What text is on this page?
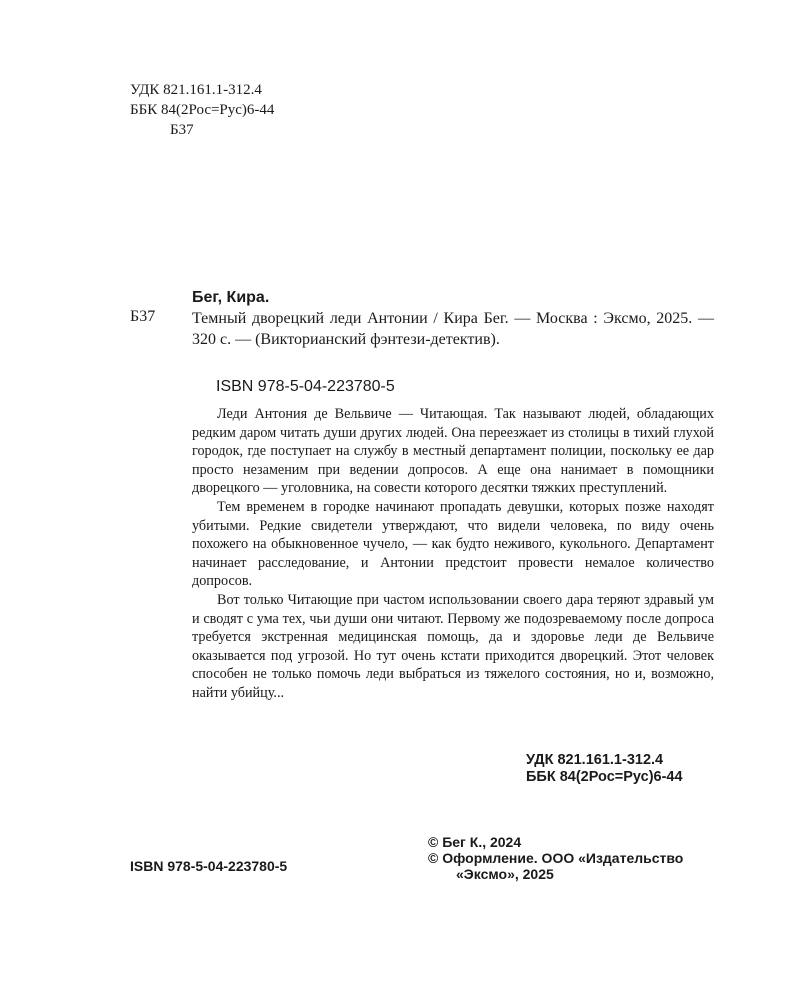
УДК 821.161.1-312.4
ББК 84(2Рос=Рус)6-44
Б37
Бег, Кира.
Б37 Темный дворецкий леди Антонии / Кира Бег. — Москва : Эксмо, 2025. — 320 с. — (Викторианский фэнтези-детектив).
ISBN 978-5-04-223780-5

Леди Антония де Вельвиче — Читающая. Так называют людей, обладающих редким даром читать души других людей. Она переезжает из столицы в тихий глухой городок, где поступает на службу в местный департамент полиции, поскольку ее дар просто незаменим при ведении допросов. А еще она нанимает в помощники дворецкого — уголовника, на совести которого десятки тяжких преступлений.

Тем временем в городке начинают пропадать девушки, которых позже находят убитыми. Редкие свидетели утверждают, что видели человека, по виду очень похожего на обыкновенное чучело, — как будто неживого, кукольного. Департамент начинает расследование, и Антонии предстоит провести немалое количество допросов.

Вот только Читающие при частом использовании своего дара теряют здравый ум и сводят с ума тех, чьи души они читают. Первому же подозреваемому после допроса требуется экстренная медицинская помощь, да и здоровье леди де Вельвиче оказывается под угрозой. Но тут очень кстати приходится дворецкий. Этот человек способен не только помочь леди выбраться из тяжелого состояния, но и, возможно, найти убийцу...

УДК 821.161.1-312.4
ББК 84(2Рос=Рус)6-44
© Бег К., 2024
© Оформление. ООО «Издательство
«Эксмо», 2025
ISBN 978-5-04-223780-5
